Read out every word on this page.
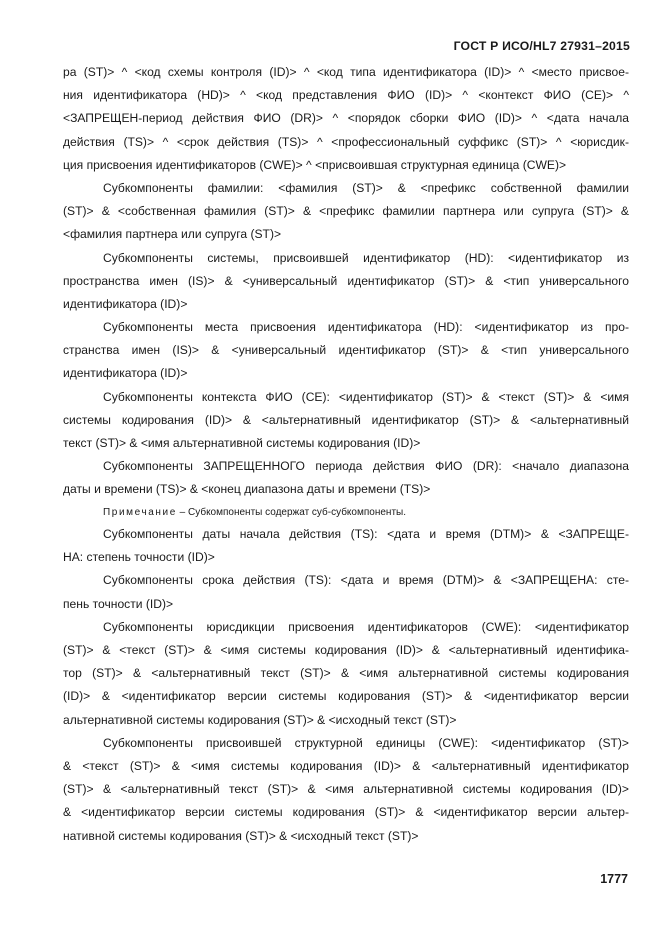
ГОСТ Р ИСО/HL7 27931–2015
ра (ST)> ^ <код схемы контроля (ID)> ^ <код типа идентификатора (ID)> ^ <место присвое-
ния идентификатора (HD)> ^ <код представления ФИО (ID)> ^ <контекст ФИО (CE)> ^
<ЗАПРЕЩЕН-период действия ФИО (DR)> ^ <порядок сборки ФИО (ID)> ^ <дата начала
действия (TS)> ^ <срок действия (TS)> ^ <профессиональный суффикс (ST)> ^ <юрисдик-
ция присвоения идентификаторов (CWE)> ^ <присвоившая структурная единица (CWE)>
Субкомпоненты фамилии: <фамилия (ST)> & <префикс собственной фамилии
(ST)> & <собственная фамилия (ST)> & <префикс фамилии партнера или супруга (ST)> &
<фамилия партнера или супруга (ST)>
Субкомпоненты системы, присвоившей идентификатор (HD): <идентификатор из
пространства имен (IS)> & <универсальный идентификатор (ST)> & <тип универсального
идентификатора (ID)>
Субкомпоненты места присвоения идентификатора (HD): <идентификатор из про-
странства имен (IS)> & <универсальный идентификатор (ST)> & <тип универсального
идентификатора (ID)>
Субкомпоненты контекста ФИО (CE): <идентификатор (ST)> & <текст (ST)> & <имя
системы кодирования (ID)> & <альтернативный идентификатор (ST)> & <альтернативный
текст (ST)> & <имя альтернативной системы кодирования (ID)>
Субкомпоненты ЗАПРЕЩЕННОГО периода действия ФИО (DR): <начало диапазона
даты и времени (TS)> & <конец диапазона даты и времени (TS)>
Примечание – Субкомпоненты содержат суб-субкомпоненты.
Субкомпоненты даты начала действия (TS): <дата и время (DTM)> & <ЗАПРЕЩЕ-
НА: степень точности (ID)>
Субкомпоненты срока действия (TS): <дата и время (DTM)> & <ЗАПРЕЩЕНА: сте-
пень точности (ID)>
Субкомпоненты юрисдикции присвоения идентификаторов (CWE): <идентификатор
(ST)> & <текст (ST)> & <имя системы кодирования (ID)> & <альтернативный идентифика-
тор (ST)> & <альтернативный текст (ST)> & <имя альтернативной системы кодирования
(ID)> & <идентификатор версии системы кодирования (ST)> & <идентификатор версии
альтернативной системы кодирования (ST)> & <исходный текст (ST)>
Субкомпоненты присвоившей структурной единицы (CWE): <идентификатор (ST)>
& <текст (ST)> & <имя системы кодирования (ID)> & <альтернативный идентификатор
(ST)> & <альтернативный текст (ST)> & <имя альтернативной системы кодирования (ID)>
& <идентификатор версии системы кодирования (ST)> & <идентификатор версии альтер-
нативной системы кодирования (ST)> & <исходный текст (ST)>
1777
